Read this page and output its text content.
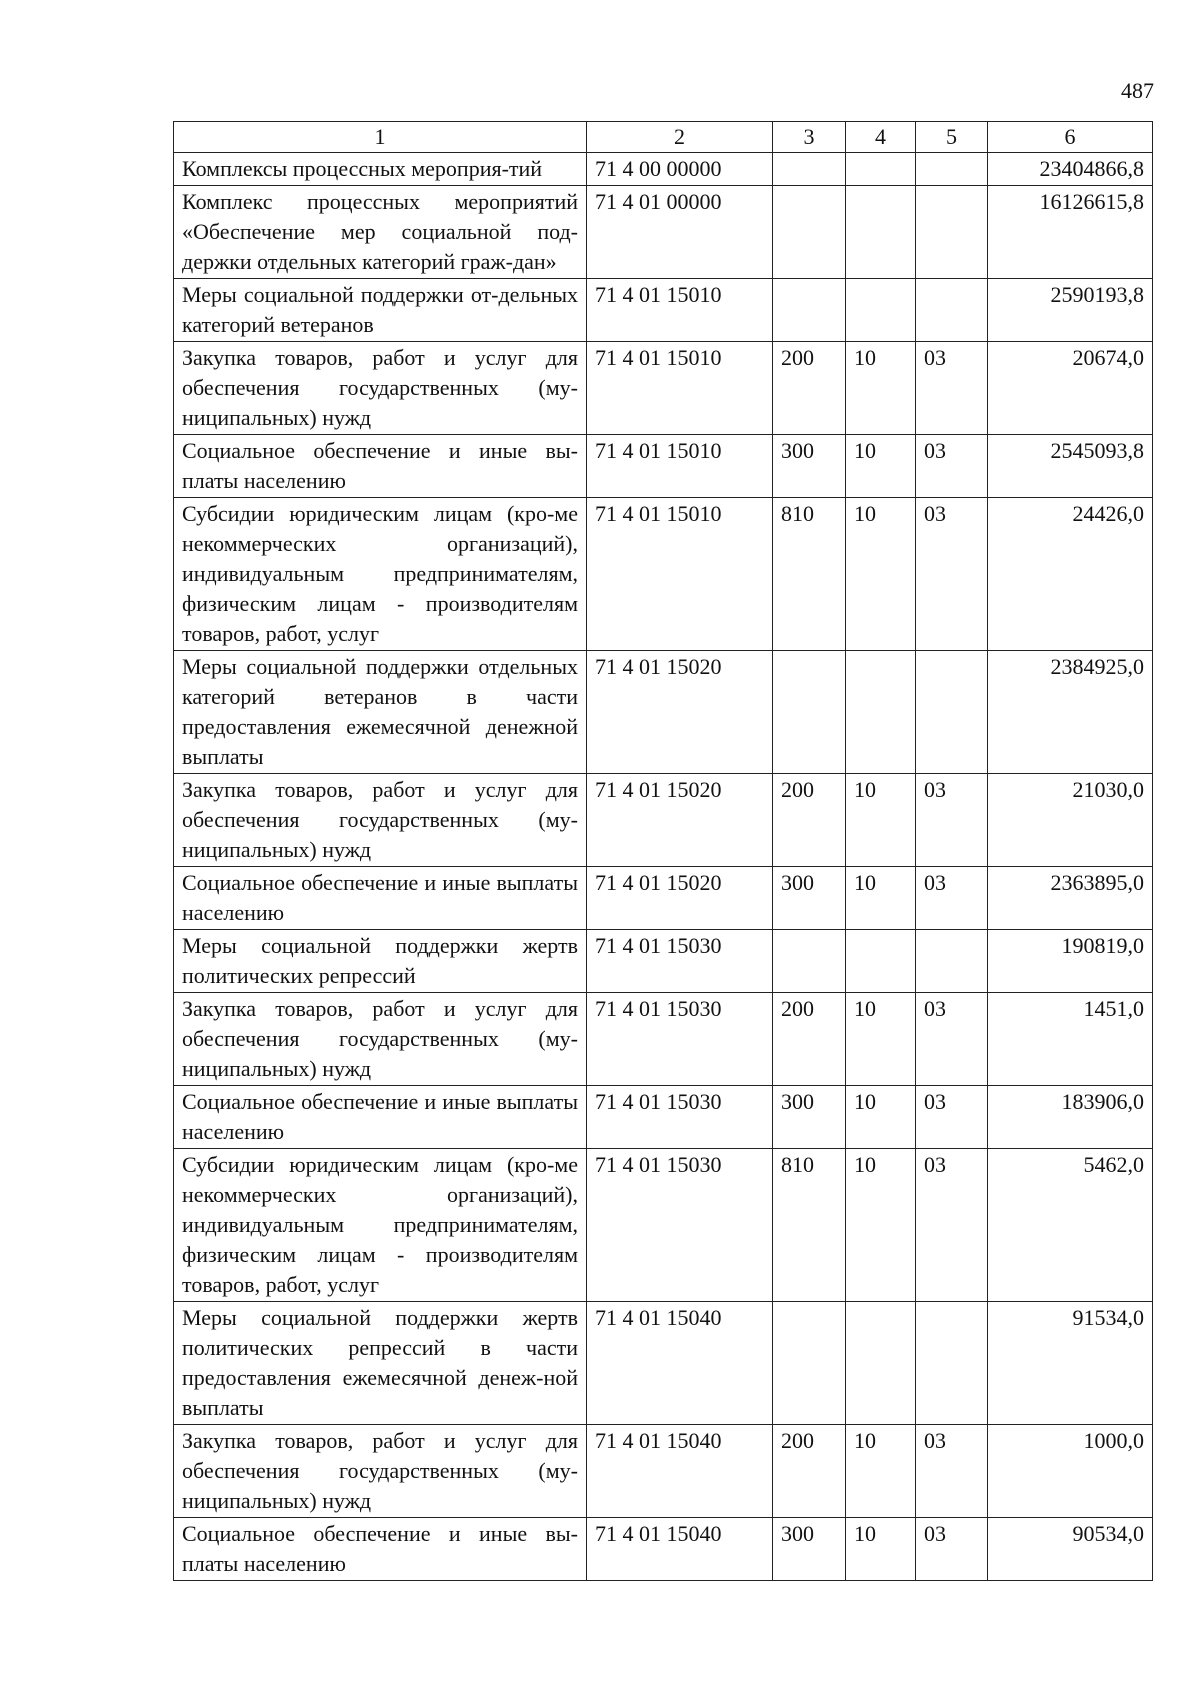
487
1	2	3	4	5	6
Комплексы процессных мероприя-тий	71 4 00 00000				23404866,8
Комплекс процессных мероприятий «Обеспечение мер социальной под-держки отдельных категорий граж-дан»	71 4 01 00000				16126615,8
Меры социальной поддержки от-дельных категорий ветеранов	71 4 01 15010				2590193,8
Закупка товаров, работ и услуг для обеспечения государственных (му-ниципальных) нужд	71 4 01 15010	200	10	03	20674,0
Социальное обеспечение и иные вы-платы населению	71 4 01 15010	300	10	03	2545093,8
Субсидии юридическим лицам (кро-ме некоммерческих организаций), индивидуальным предпринимателям, физическим лицам - производителям товаров, работ, услуг	71 4 01 15010	810	10	03	24426,0
Меры социальной поддержки отдельных категорий ветеранов в части предоставления ежемесячной денежной выплаты	71 4 01 15020				2384925,0
Закупка товаров, работ и услуг для обеспечения государственных (му-ниципальных) нужд	71 4 01 15020	200	10	03	21030,0
Социальное обеспечение и иные выплаты населению	71 4 01 15020	300	10	03	2363895,0
Меры социальной поддержки жертв политических репрессий	71 4 01 15030				190819,0
Закупка товаров, работ и услуг для обеспечения государственных (му-ниципальных) нужд	71 4 01 15030	200	10	03	1451,0
Социальное обеспечение и иные выплаты населению	71 4 01 15030	300	10	03	183906,0
Субсидии юридическим лицам (кро-ме некоммерческих организаций), индивидуальным предпринимателям, физическим лицам - производителям товаров, работ, услуг	71 4 01 15030	810	10	03	5462,0
Меры социальной поддержки жертв политических репрессий в части предоставления ежемесячной денеж-ной выплаты	71 4 01 15040				91534,0
Закупка товаров, работ и услуг для обеспечения государственных (му-ниципальных) нужд	71 4 01 15040	200	10	03	1000,0
Социальное обеспечение и иные вы-платы населению	71 4 01 15040	300	10	03	90534,0
